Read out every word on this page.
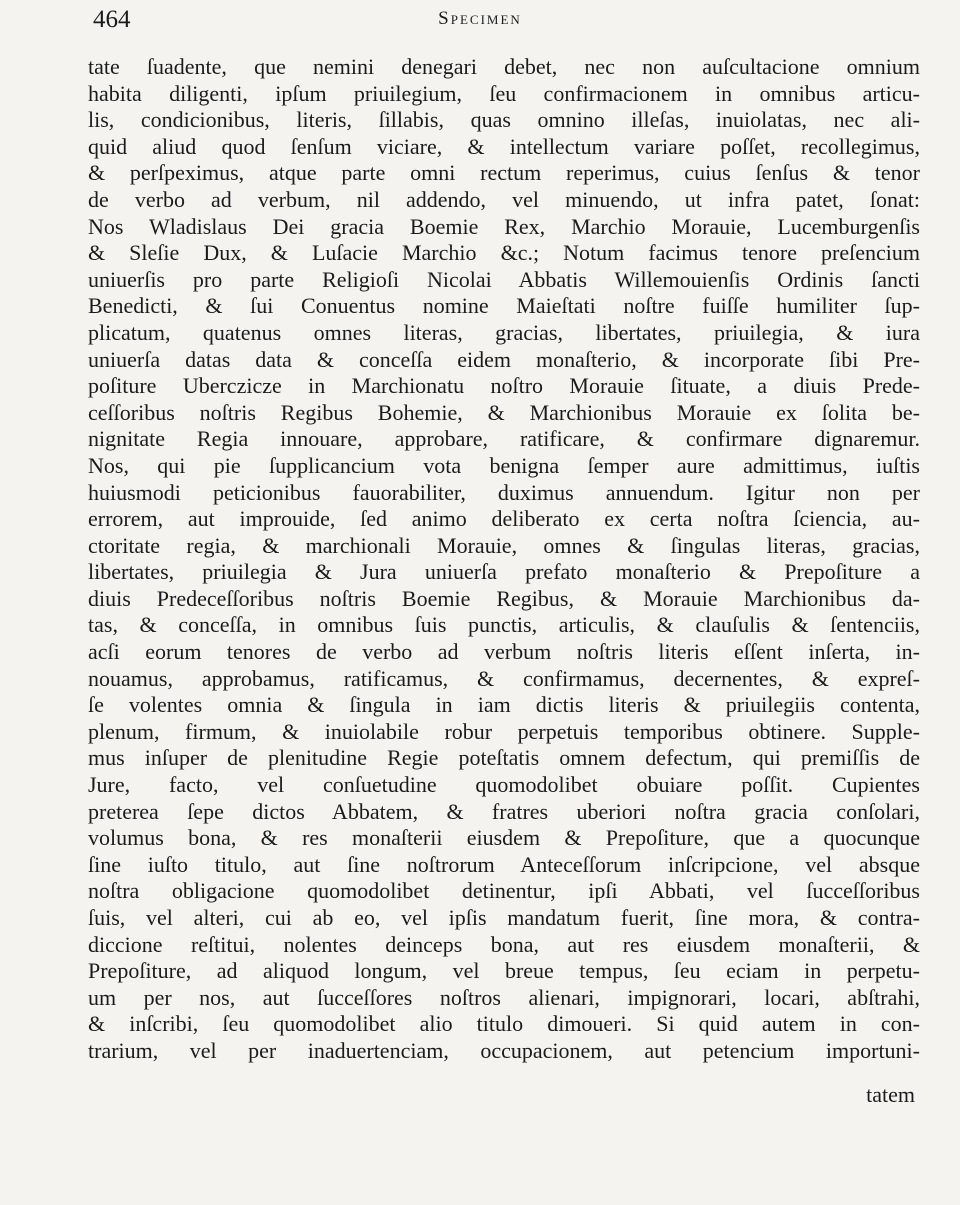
464	Specimen
tate ſuadente, que nemini denegari debet, nec non auſcultacione omnium
habita diligenti, ipſum priuilegium, ſeu confirmacionem in omnibus articu-
lis, condicionibus, literis, ſillabis, quas omnino illeſas, inuiolatas, nec ali-
quid aliud quod ſenſum viciare, & intellectum variare poſſet, recollegimus,
& perſpeximus, atque parte omni rectum reperimus, cuius ſenſus & tenor
de verbo ad verbum, nil addendo, vel minuendo, ut infra patet, ſonat:
Nos Wladislaus Dei gracia Boemie Rex, Marchio Morauie, Lucemburgenſis
& Sleſie Dux, & Luſacie Marchio &c.; Notum facimus tenore preſencium
uniuerſis pro parte Religioſi Nicolai Abbatis Willemouienſis Ordinis ſancti
Benedicti, & ſui Conuentus nomine Maieſtati noſtre fuiſſe humiliter ſup-
plicatum, quatenus omnes literas, gracias, libertates, priuilegia, & iura
uniuerſa datas data & conceſſa eidem monaſterio, & incorporate ſibi Pre-
poſiture Uberczicze in Marchionatu noſtro Morauie ſituate, a diuis Prede-
ceſſoribus noſtris Regibus Bohemie, & Marchionibus Morauie ex ſolita be-
nignitate Regia innouare, approbare, ratificare, & confirmare dignaremur.
Nos, qui pie ſupplicancium vota benigna ſemper aure admittimus, iuſtis
huiusmodi peticionibus fauorabiliter, duximus annuendum. Igitur non per
errorem, aut improuide, ſed animo deliberato ex certa noſtra ſciencia, au-
ctoritate regia, & marchionali Morauie, omnes & ſingulas literas, gracias,
libertates, priuilegia & Jura uniuerſa prefato monaſterio & Prepoſiture a
diuis Predeceſſoribus noſtris Boemie Regibus, & Morauie Marchionibus da-
tas, & conceſſa, in omnibus ſuis punctis, articulis, & clauſulis & ſentenciis,
acſi eorum tenores de verbo ad verbum noſtris literis eſſent inſerta, in-
nouamus, approbamus, ratificamus, & confirmamus, decernentes, & expreſ-
ſe volentes omnia & ſingula in iam dictis literis & priuilegiis contenta,
plenum, firmum, & inuiolabile robur perpetuis temporibus obtinere. Supple-
mus inſuper de plenitudine Regie poteſtatis omnem defectum, qui premiſſis de
Jure, facto, vel conſuetudine quomodolibet obuiare poſſit. Cupientes
preterea ſepe dictos Abbatem, & fratres uberiori noſtra gracia conſolari,
volumus bona, & res monaſterii eiusdem & Prepoſiture, que a quocunque
ſine iuſto titulo, aut ſine noſtrorum Anteceſſorum inſcripcione, vel absque
noſtra obligacione quomodolibet detinentur, ipſi Abbati, vel ſucceſſoribus
ſuis, vel alteri, cui ab eo, vel ipſis mandatum fuerit, ſine mora, & contra-
diccione reſtitui, nolentes deinceps bona, aut res eiusdem monaſterii, &
Prepoſiture, ad aliquod longum, vel breue tempus, ſeu eciam in perpetu-
um per nos, aut ſucceſſores noſtros alienari, impignorari, locari, abſtrahi,
& inſcribi, ſeu quomodolibet alio titulo dimoueri. Si quid autem in con-
trarium, vel per inaduertenciam, occupacionem, aut petencium importuni-
tatem
